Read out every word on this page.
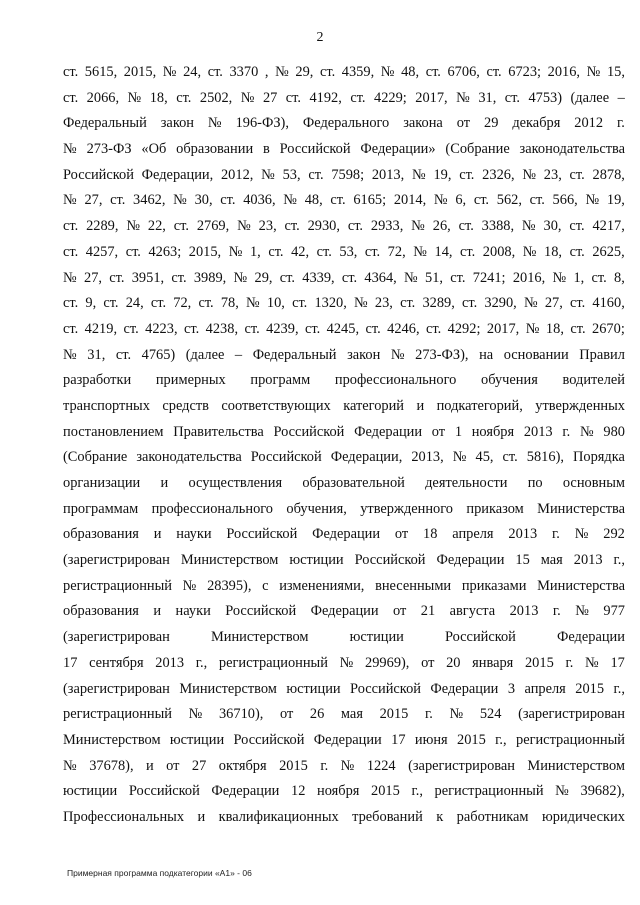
2
ст. 5615, 2015, № 24, ст. 3370 , № 29, ст. 4359, № 48, ст. 6706, ст. 6723; 2016, № 15,
ст. 2066, № 18, ст. 2502, № 27 ст. 4192, ст. 4229; 2017, № 31, ст. 4753) (далее –
Федеральный закон № 196-ФЗ), Федерального закона от 29 декабря 2012 г.
№ 273-ФЗ «Об образовании в Российской Федерации» (Собрание законодательства
Российской Федерации, 2012, № 53, ст. 7598; 2013, № 19, ст. 2326, № 23, ст. 2878,
№ 27, ст. 3462, № 30, ст. 4036, № 48, ст. 6165; 2014, № 6, ст. 562, ст. 566, № 19,
ст. 2289, № 22, ст. 2769, № 23, ст. 2930, ст. 2933, № 26, ст. 3388, № 30, ст. 4217,
ст. 4257, ст. 4263; 2015, № 1, ст. 42, ст. 53, ст. 72, № 14, ст. 2008, № 18, ст. 2625,
№ 27, ст. 3951, ст. 3989, № 29, ст. 4339, ст. 4364, № 51, ст. 7241; 2016, № 1, ст. 8,
ст. 9, ст. 24, ст. 72, ст. 78, № 10, ст. 1320, № 23, ст. 3289, ст. 3290, № 27, ст. 4160,
ст. 4219, ст. 4223, ст. 4238, ст. 4239, ст. 4245, ст. 4246, ст. 4292; 2017, № 18, ст. 2670;
№ 31, ст. 4765) (далее – Федеральный закон № 273-ФЗ), на основании Правил
разработки примерных программ профессионального обучения водителей
транспортных средств соответствующих категорий и подкатегорий, утвержденных
постановлением Правительства Российской Федерации от 1 ноября 2013 г. № 980
(Собрание законодательства Российской Федерации, 2013, № 45, ст. 5816), Порядка
организации и осуществления образовательной деятельности по основным
программам профессионального обучения, утвержденного приказом Министерства
образования и науки Российской Федерации от 18 апреля 2013 г. № 292
(зарегистрирован Министерством юстиции Российской Федерации 15 мая 2013 г.,
регистрационный № 28395), с изменениями, внесенными приказами Министерства
образования и науки Российской Федерации от 21 августа 2013 г. № 977
(зарегистрирован	Министерством	юстиции	Российской	Федерации
17 сентября 2013 г., регистрационный № 29969), от 20 января 2015 г. № 17
(зарегистрирован Министерством юстиции Российской Федерации 3 апреля 2015 г.,
регистрационный № 36710), от 26 мая 2015 г. № 524 (зарегистрирован
Министерством юстиции Российской Федерации 17 июня 2015 г., регистрационный
№ 37678), и от 27 октября 2015 г. № 1224 (зарегистрирован Министерством
юстиции Российской Федерации 12 ноября 2015 г., регистрационный № 39682),
Профессиональных и квалификационных требований к работникам юридических
Примерная программа подкатегории «A1» - 06
